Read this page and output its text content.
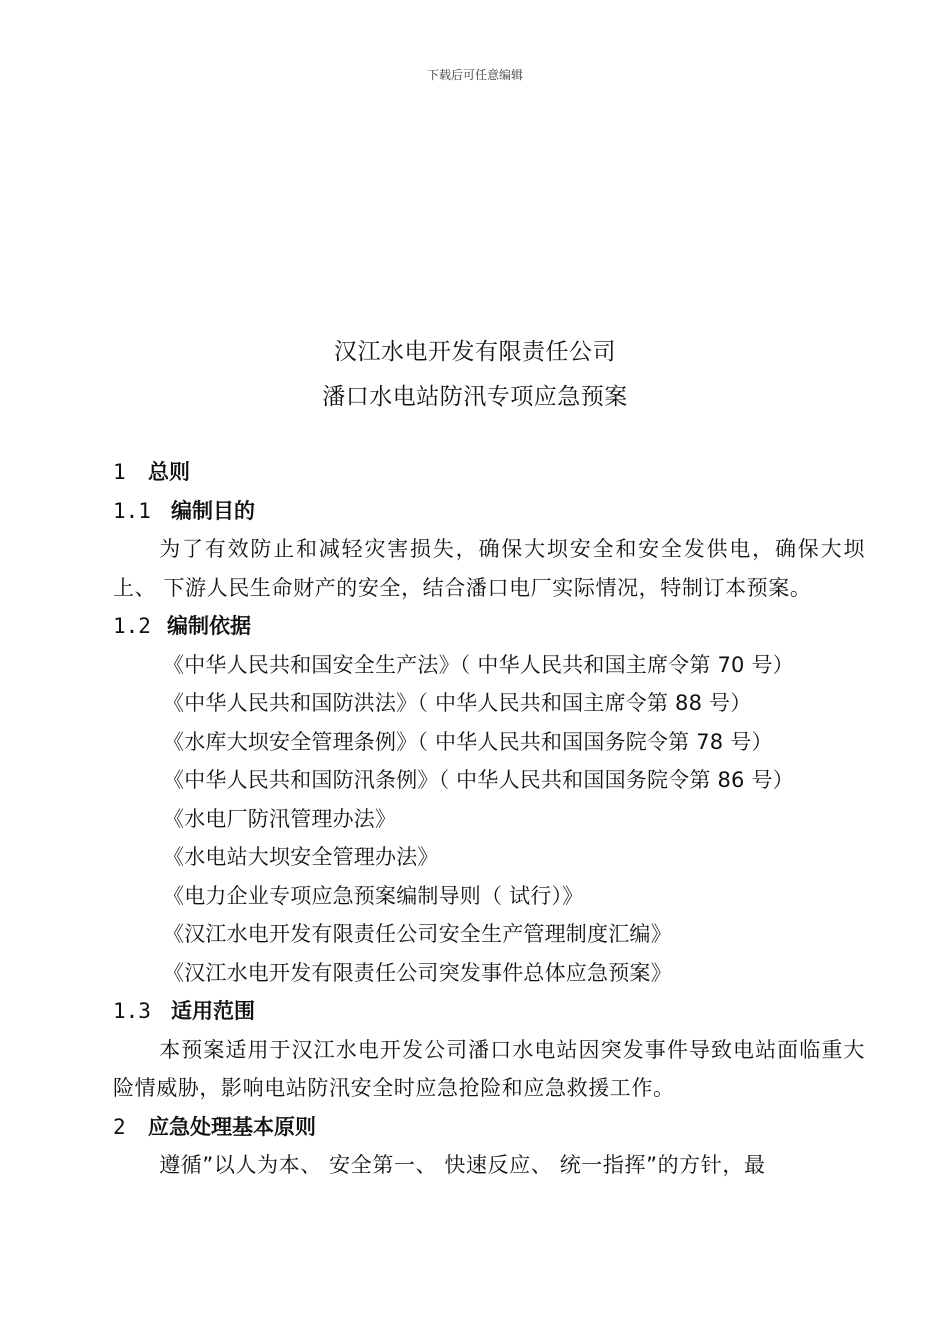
下载后可任意编辑
汉江水电开发有限责任公司
潘口水电站防汛专项应急预案
1 总则
1.1 编制目的
为了有效防止和减轻灾害损失，确保大坝安全和安全发供电，确保大坝上、 下游人民生命财产的安全，结合潘口电厂实际情况，特制订本预案。
1.2 编制依据
《中华人民共和国安全生产法》（ 中华人民共和国主席令第 70 号）
《中华人民共和国防洪法》（ 中华人民共和国主席令第 88 号）
《水库大坝安全管理条例》（ 中华人民共和国国务院令第 78 号）
《中华人民共和国防汛条例》（ 中华人民共和国国务院令第 86 号）
《水电厂防汛管理办法》
《水电站大坝安全管理办法》
《电力企业专项应急预案编制导则（ 试行）》
《汉江水电开发有限责任公司安全生产管理制度汇编》
《汉江水电开发有限责任公司突发事件总体应急预案》
1.3 适用范围
本预案适用于汉江水电开发公司潘口水电站因突发事件导致电站面临重大险情威胁，影响电站防汛安全时应急抢险和应急救援工作。
2 应急处理基本原则
遵循”以人为本、 安全第一、 快速反应、 统一指挥”的方针，最
